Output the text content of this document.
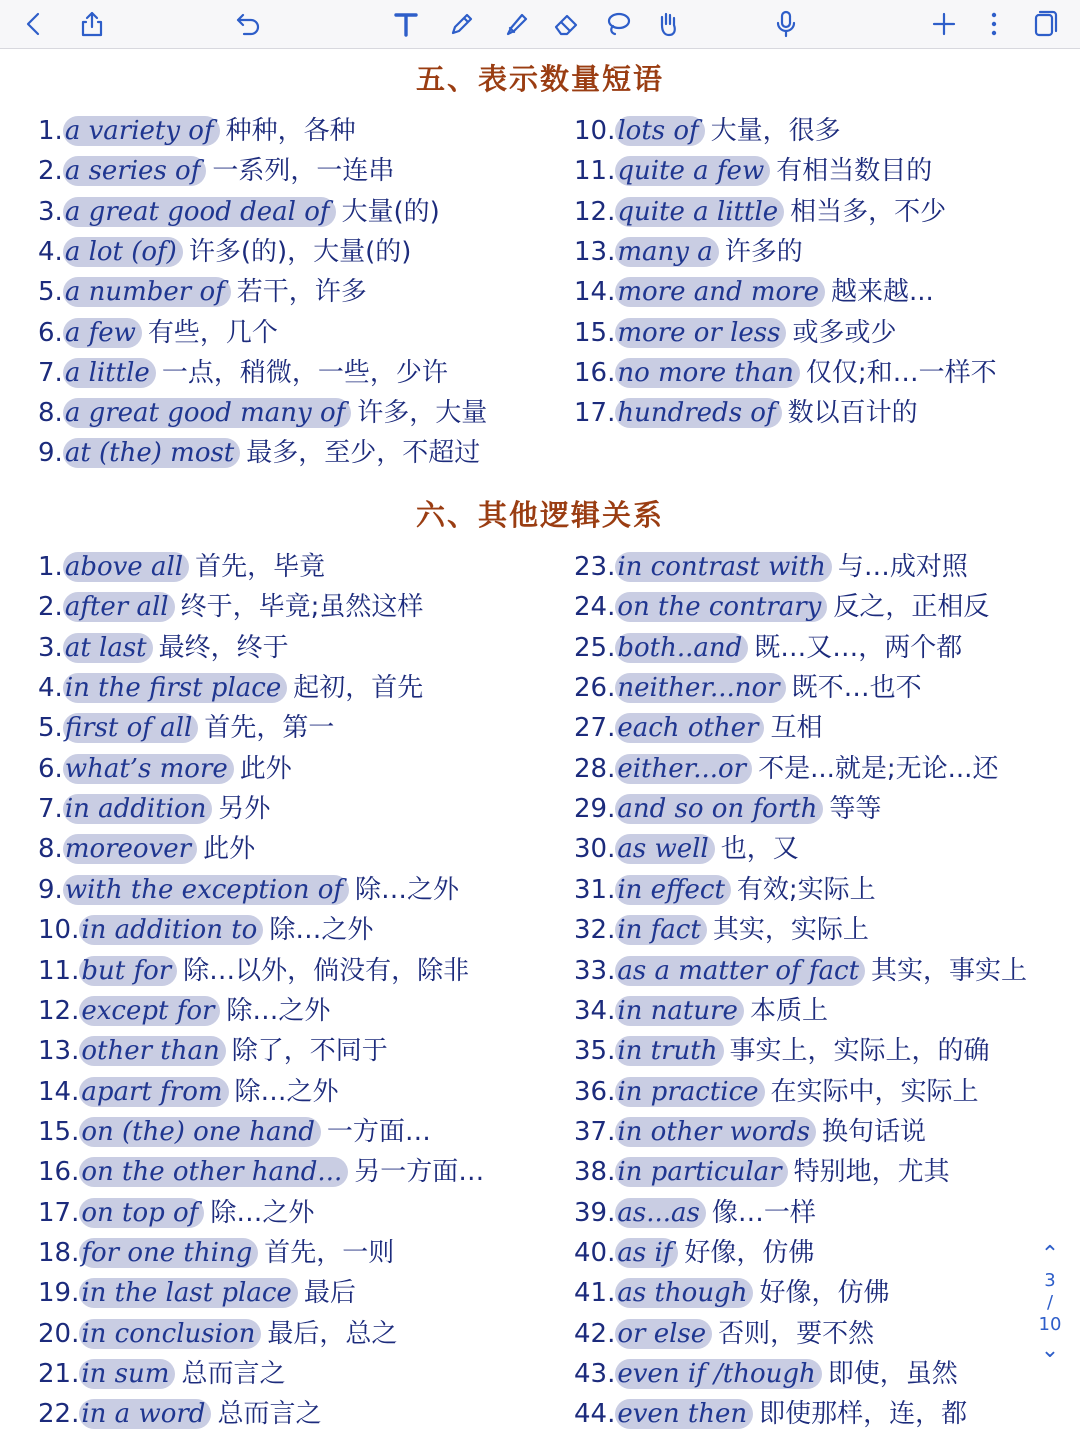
五、表示数量短语
1.a variety of 种种，各种
2.a series of 一系列，一连串
3.a great good deal of 大量(的)
4.a lot (of) 许多(的)，大量(的)
5.a number of 若干，许多
6.a few 有些，几个
7.a little 一点，稍微，一些，少许
8.a great good many of 许多，大量
9.at (the) most 最多，至少，不超过
10.lots of 大量，很多
11.quite a few 有相当数目的
12.quite a little 相当多，不少
13.many a 许多的
14.more and more 越来越...
15.more or less 或多或少
16.no more than 仅仅;和…一样不
17.hundreds of 数以百计的
六、其他逻辑关系
1.above all 首先，毕竟
2.after all 终于，毕竟;虽然这样
3.at last 最终，终于
4.in the first place 起初，首先
5.first of all 首先，第一
6.what’s more 此外
7.in addition 另外
8.moreover 此外
9.with the exception of 除…之外
10.in addition to 除…之外
11.but for 除…以外，倘没有，除非
12.except for 除…之外
13.other than 除了，不同于
14.apart from 除…之外
15.on (the) one hand 一方面…
16.on the other hand... 另一方面…
17.on top of 除…之外
18.for one thing 首先，一则
19.in the last place 最后
20.in conclusion 最后，总之
21.in sum 总而言之
22.in a word 总而言之
23.in contrast with 与…成对照
24.on the contrary 反之，正相反
25.both..and 既…又…，两个都
26.neither...nor 既不…也不
27.each other 互相
28.either...or 不是...就是;无论...还
29.and so on forth 等等
30.as well 也，又
31.in effect 有效;实际上
32.in fact 其实，实际上
33.as a matter of fact 其实，事实上
34.in nature 本质上
35.in truth 事实上，实际上，的确
36.in practice 在实际中，实际上
37.in other words 换句话说
38.in particular 特别地，尤其
39.as...as 像…一样
40.as if 好像，仿佛
41.as though 好像，仿佛
42.or else 否则，要不然
43.even if /though 即使，虽然
44.even then 即使那样，连，都
⌃
3
/
10
⌄
